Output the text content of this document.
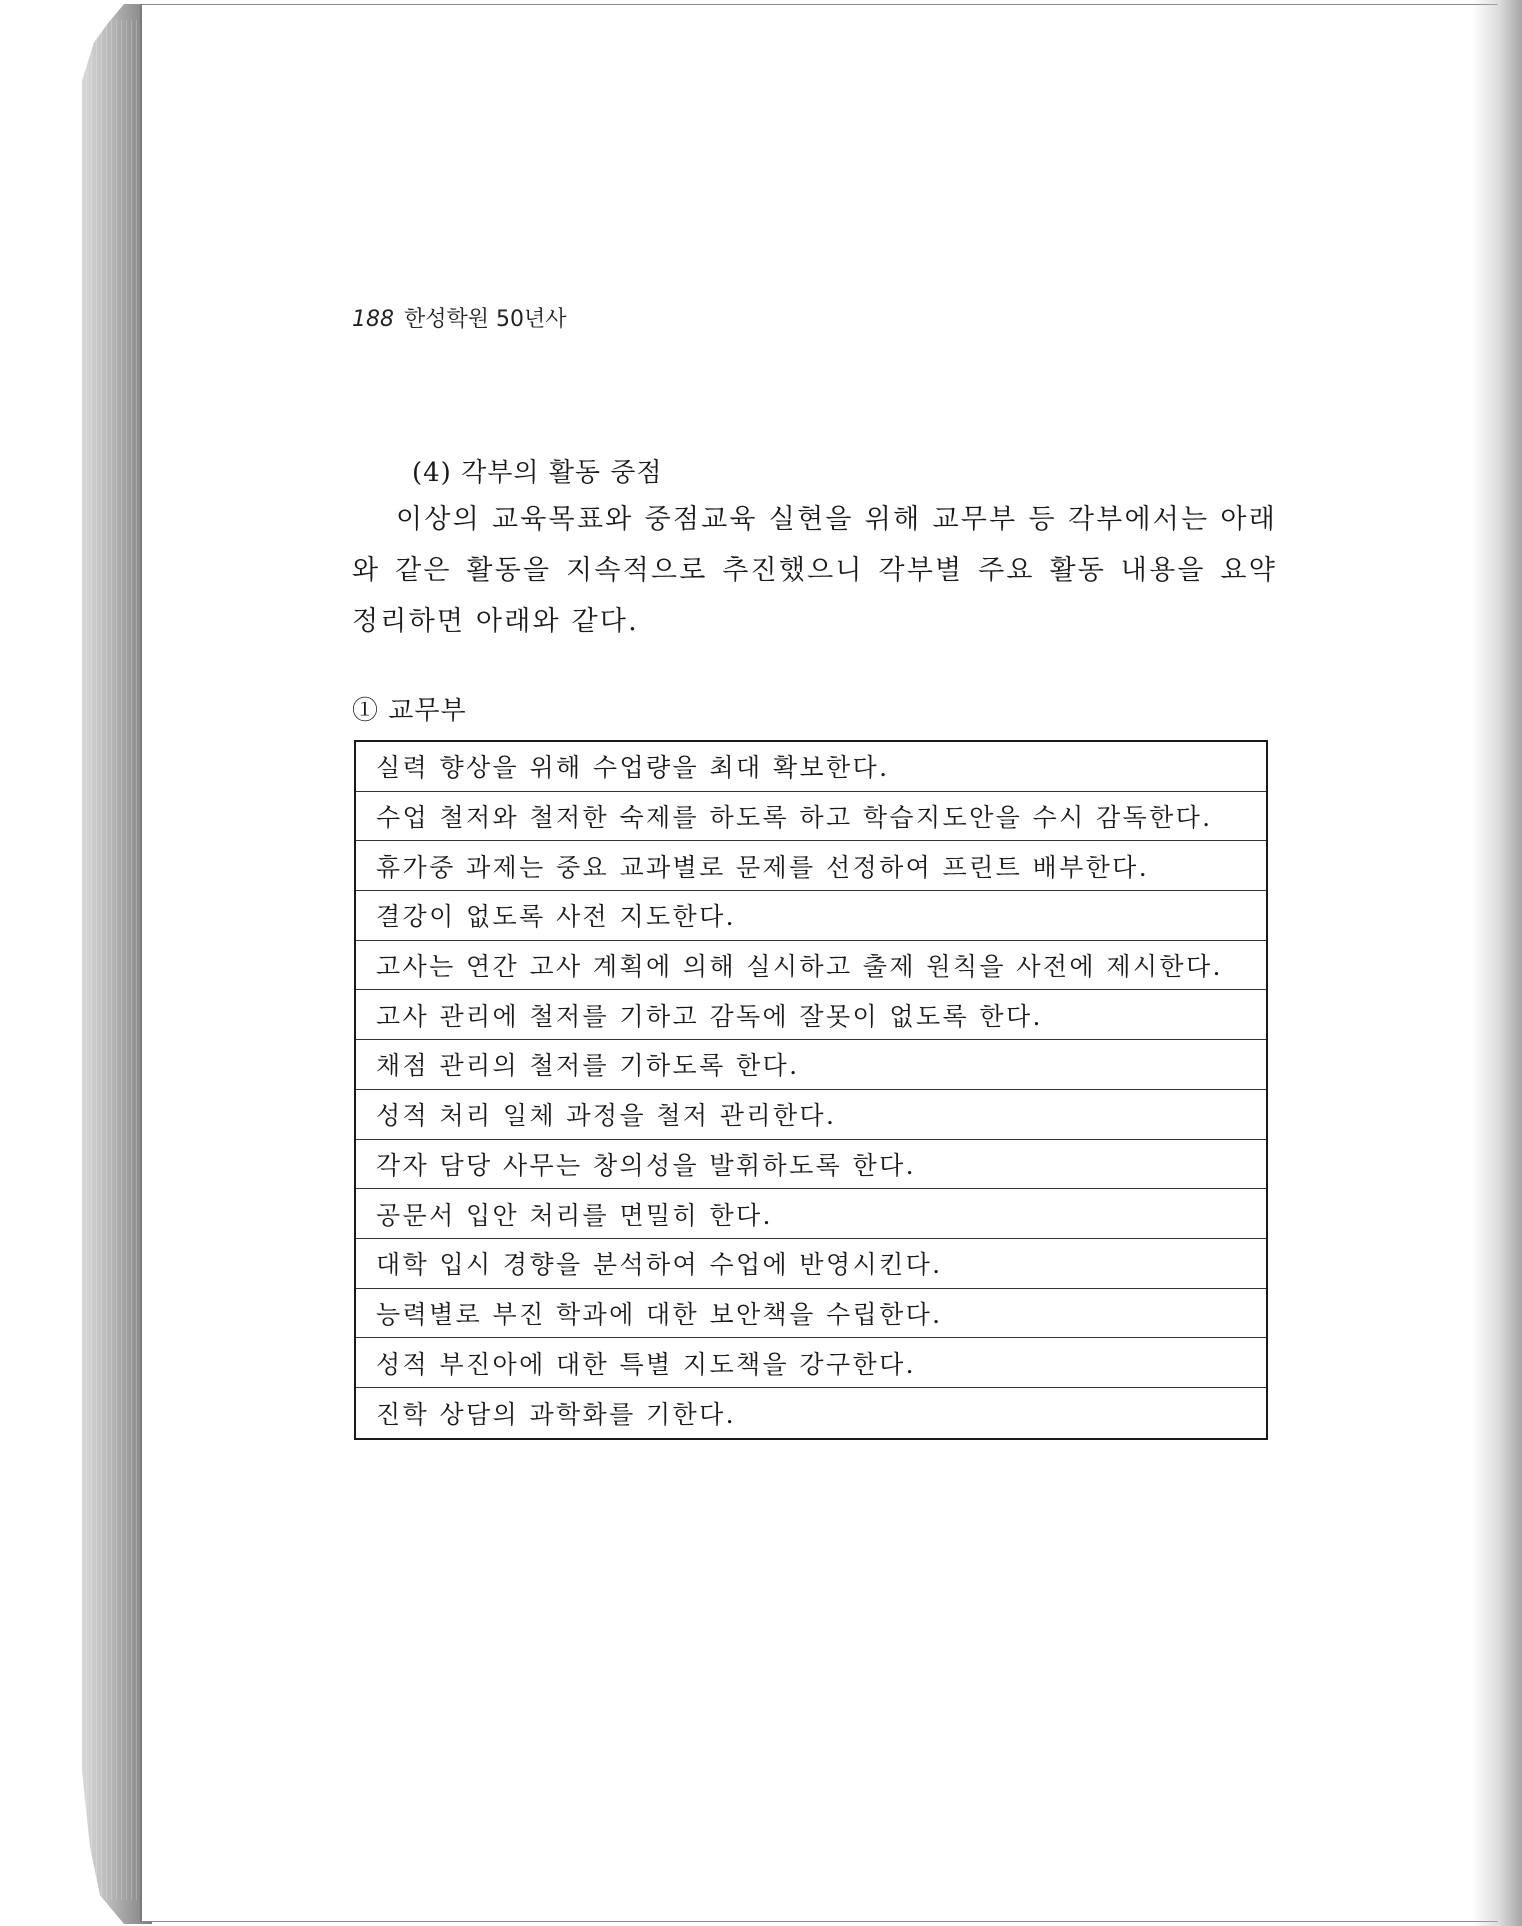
188 한성학원 50년사
(4) 각부의 활동 중점

이상의 교육목표와 중점교육 실현을 위해 교무부 등 각부에서는 아래와 같은 활동을 지속적으로 추진했으니 각부별 주요 활동 내용을 요약 정리하면 아래와 같다.

① 교무부
실력 향상을 위해 수업량을 최대 확보한다.
수업 철저와 철저한 숙제를 하도록 하고 학습지도안을 수시 감독한다.
휴가중 과제는 중요 교과별로 문제를 선정하여 프린트 배부한다.
결강이 없도록 사전 지도한다.
고사는 연간 고사 계획에 의해 실시하고 출제 원칙을 사전에 제시한다.
고사 관리에 철저를 기하고 감독에 잘못이 없도록 한다.
채점 관리의 철저를 기하도록 한다.
성적 처리 일체 과정을 철저 관리한다.
각자 담당 사무는 창의성을 발휘하도록 한다.
공문서 입안 처리를 면밀히 한다.
대학 입시 경향을 분석하여 수업에 반영시킨다.
능력별로 부진 학과에 대한 보안책을 수립한다.
성적 부진아에 대한 특별 지도책을 강구한다.
진학 상담의 과학화를 기한다.
